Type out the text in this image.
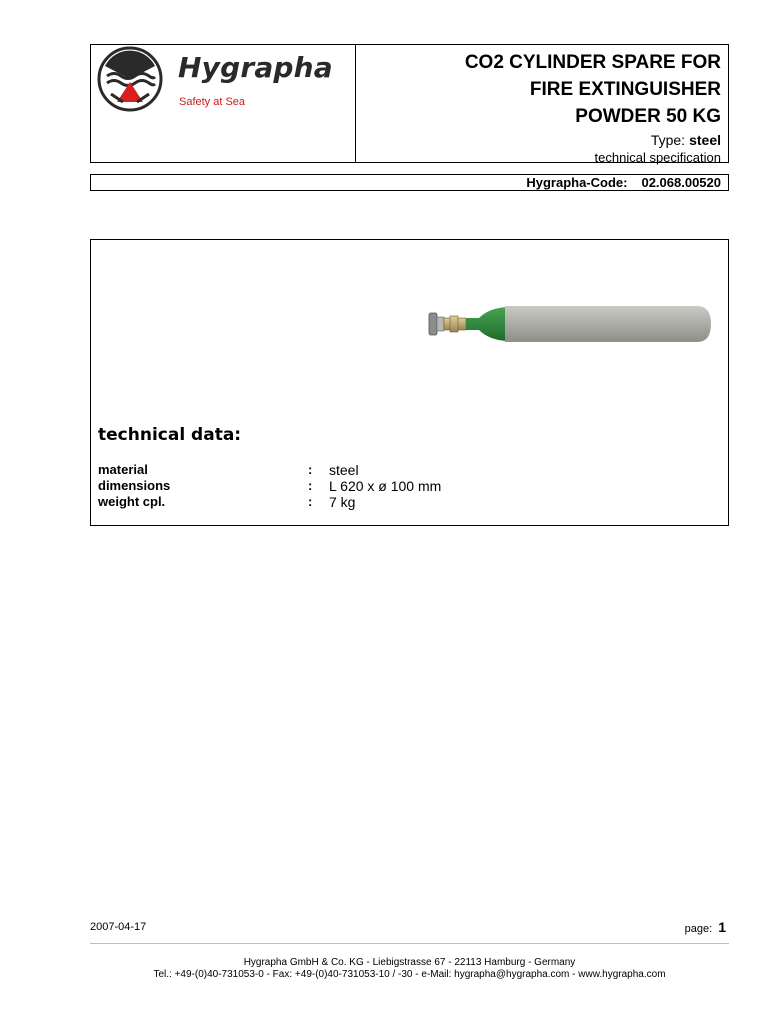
Hygrapha
Safety at Sea
CO2 CYLINDER SPARE FOR
FIRE EXTINGUISHER
POWDER 50 KG
Type: steel
technical specification
Hygrapha-Code: 02.068.00520
technical data:
material	: steel
dimensions	: L 620 x ø 100 mm
weight cpl.	: 7 kg
2007-04-17	page: 1
Hygrapha GmbH & Co. KG - Liebigstrasse 67 - 22113 Hamburg - Germany
Tel.: +49-(0)40-731053-0 - Fax: +49-(0)40-731053-10 / -30 - e-Mail: hygrapha@hygrapha.com - www.hygrapha.com
